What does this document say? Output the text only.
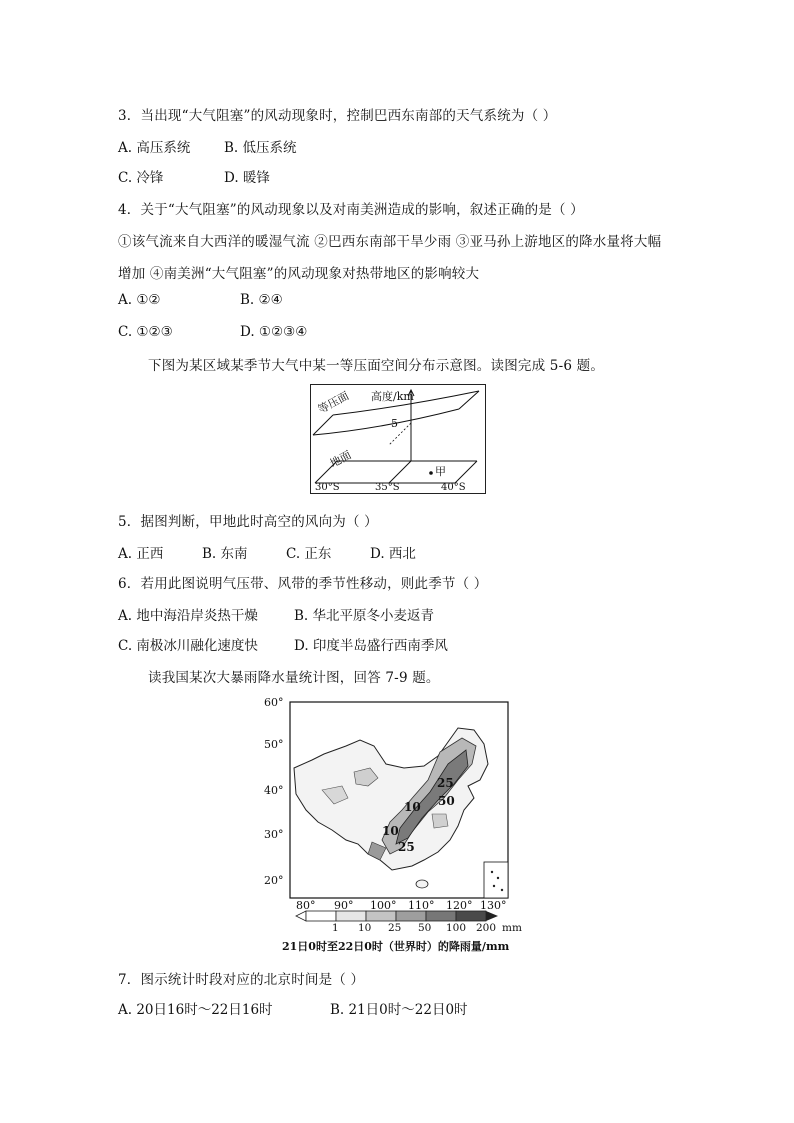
3．当出现“大气阻塞”的风动现象时，控制巴西东南部的天气系统为（ ）
A. 高压系统 B. 低压系统
C. 冷锋	D. 暖锋
4．关于“大气阻塞”的风动现象以及对南美洲造成的影响，叙述正确的是（ ）
①该气流来自大西洋的暖湿气流 ②巴西东南部干旱少雨 ③亚马孙上游地区的降水量将大幅
增加 ④南美洲“大气阻塞”的风动现象对热带地区的影响较大
A. ①②	B. ②④
C. ①②③	D. ①②③④
下图为某区域某季节大气中某一等压面空间分布示意图。读图完成 5-6 题。
等压面 高度/km
5
地面
甲
30°S	35°S	40°S
5．据图判断，甲地此时高空的风向为（ ）
A. 正西	B. 东南	C. 正东	D. 西北
6．若用此图说明气压带、风带的季节性移动，则此季节（ ）
A. 地中海沿岸炎热干燥	B. 华北平原冬小麦返青
C. 南极冰川融化速度快	D. 印度半岛盛行西南季风
读我国某次大暴雨降水量统计图，回答 7-9 题。
60°
50°
40°
30°
20°
80° 90° 100° 110° 120° 130°
25
50
10
10
25
1 10 25 50 100 200 mm
21日0时至22日0时（世界时）的降雨量/mm
7．图示统计时段对应的北京时间是（ ）
A. 20日16时～22日16时	B. 21日0时～22日0时
